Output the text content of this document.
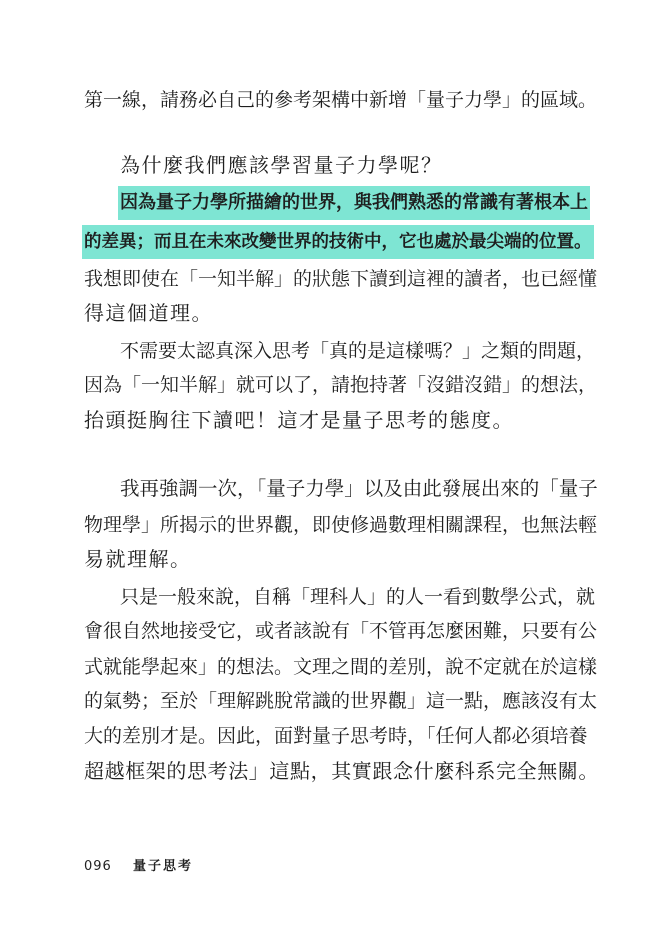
第一線，請務必自己的參考架構中新增「量子力學」的區域。
為什麼我們應該學習量子力學呢？
因為量子力學所描繪的世界，與我們熟悉的常識有著根本上
的差異；而且在未來改變世界的技術中，它也處於最尖端的位置。
我想即使在「一知半解」的狀態下讀到這裡的讀者，也已經懂
得這個道理。
不需要太認真深入思考「真的是這樣嗎？」之類的問題，
因為「一知半解」就可以了，請抱持著「沒錯沒錯」的想法，
抬頭挺胸往下讀吧！這才是量子思考的態度。
我再強調一次，「量子力學」以及由此發展出來的「量子
物理學」所揭示的世界觀，即使修過數理相關課程，也無法輕
易就理解。
只是一般來說，自稱「理科人」的人一看到數學公式，就
會很自然地接受它，或者該說有「不管再怎麼困難，只要有公
式就能學起來」的想法。文理之間的差別，說不定就在於這樣
的氣勢；至於「理解跳脫常識的世界觀」這一點，應該沒有太
大的差別才是。因此，面對量子思考時，「任何人都必須培養
超越框架的思考法」這點，其實跟念什麼科系完全無關。
096 量子思考
